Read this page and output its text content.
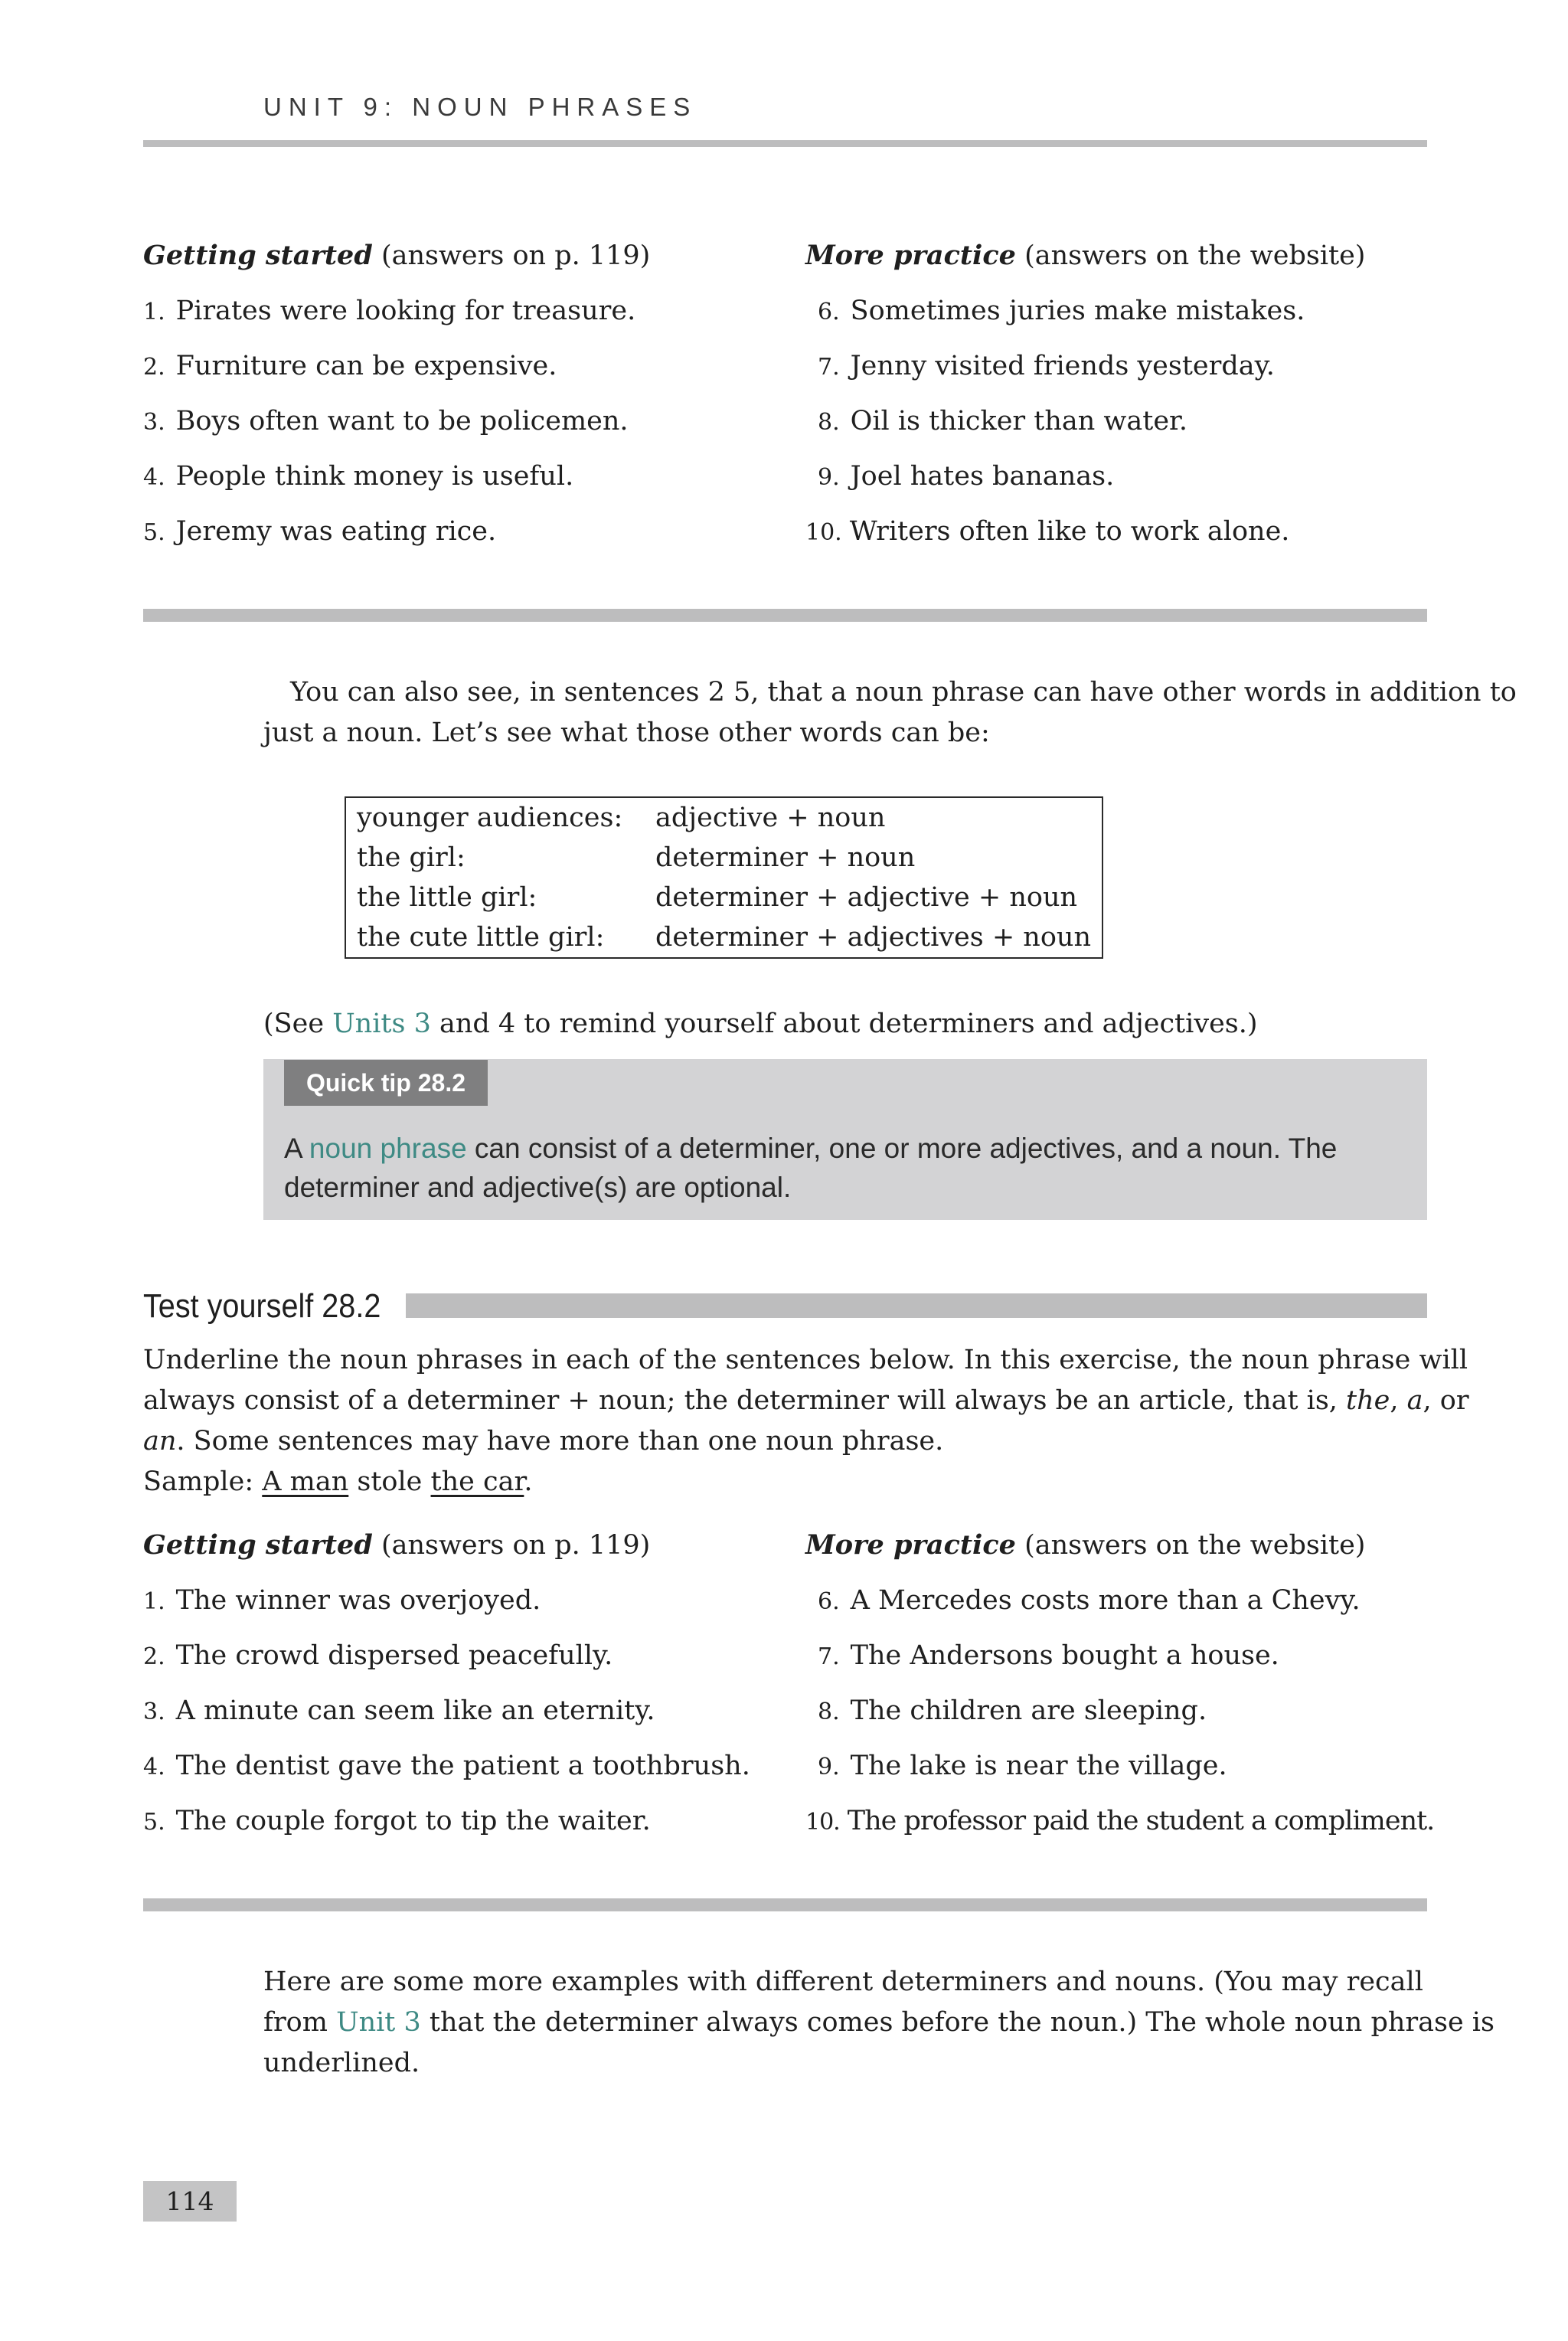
UNIT 9: NOUN PHRASES
Getting started (answers on p. 119)	More practice (answers on the website)
1. Pirates were looking for treasure.
2. Furniture can be expensive.
3. Boys often want to be policemen.
4. People think money is useful.
5. Jeremy was eating rice.
6. Sometimes juries make mistakes.
7. Jenny visited friends yesterday.
8. Oil is thicker than water.
9. Joel hates bananas.
10. Writers often like to work alone.
You can also see, in sentences 2 5, that a noun phrase can have other words in addition to
just a noun. Let’s see what those other words can be:
younger audiences:	adjective + noun
the girl:	determiner + noun
the little girl:	determiner + adjective + noun
the cute little girl:	determiner + adjectives + noun
(See Units 3 and 4 to remind yourself about determiners and adjectives.)
Quick tip 28.2
A noun phrase can consist of a determiner, one or more adjectives, and a noun. The determiner and adjective(s) are optional.
Test yourself 28.2
Underline the noun phrases in each of the sentences below. In this exercise, the noun phrase will
always consist of a determiner + noun; the determiner will always be an article, that is, the, a, or
an. Some sentences may have more than one noun phrase.
Sample: A man stole the car.
Getting started (answers on p. 119)	More practice (answers on the website)
1. The winner was overjoyed.
2. The crowd dispersed peacefully.
3. A minute can seem like an eternity.
4. The dentist gave the patient a toothbrush.
5. The couple forgot to tip the waiter.
6. A Mercedes costs more than a Chevy.
7. The Andersons bought a house.
8. The children are sleeping.
9. The lake is near the village.
10. The professor paid the student a compliment.
Here are some more examples with different determiners and nouns. (You may recall
from Unit 3 that the determiner always comes before the noun.) The whole noun phrase is
underlined.
114
